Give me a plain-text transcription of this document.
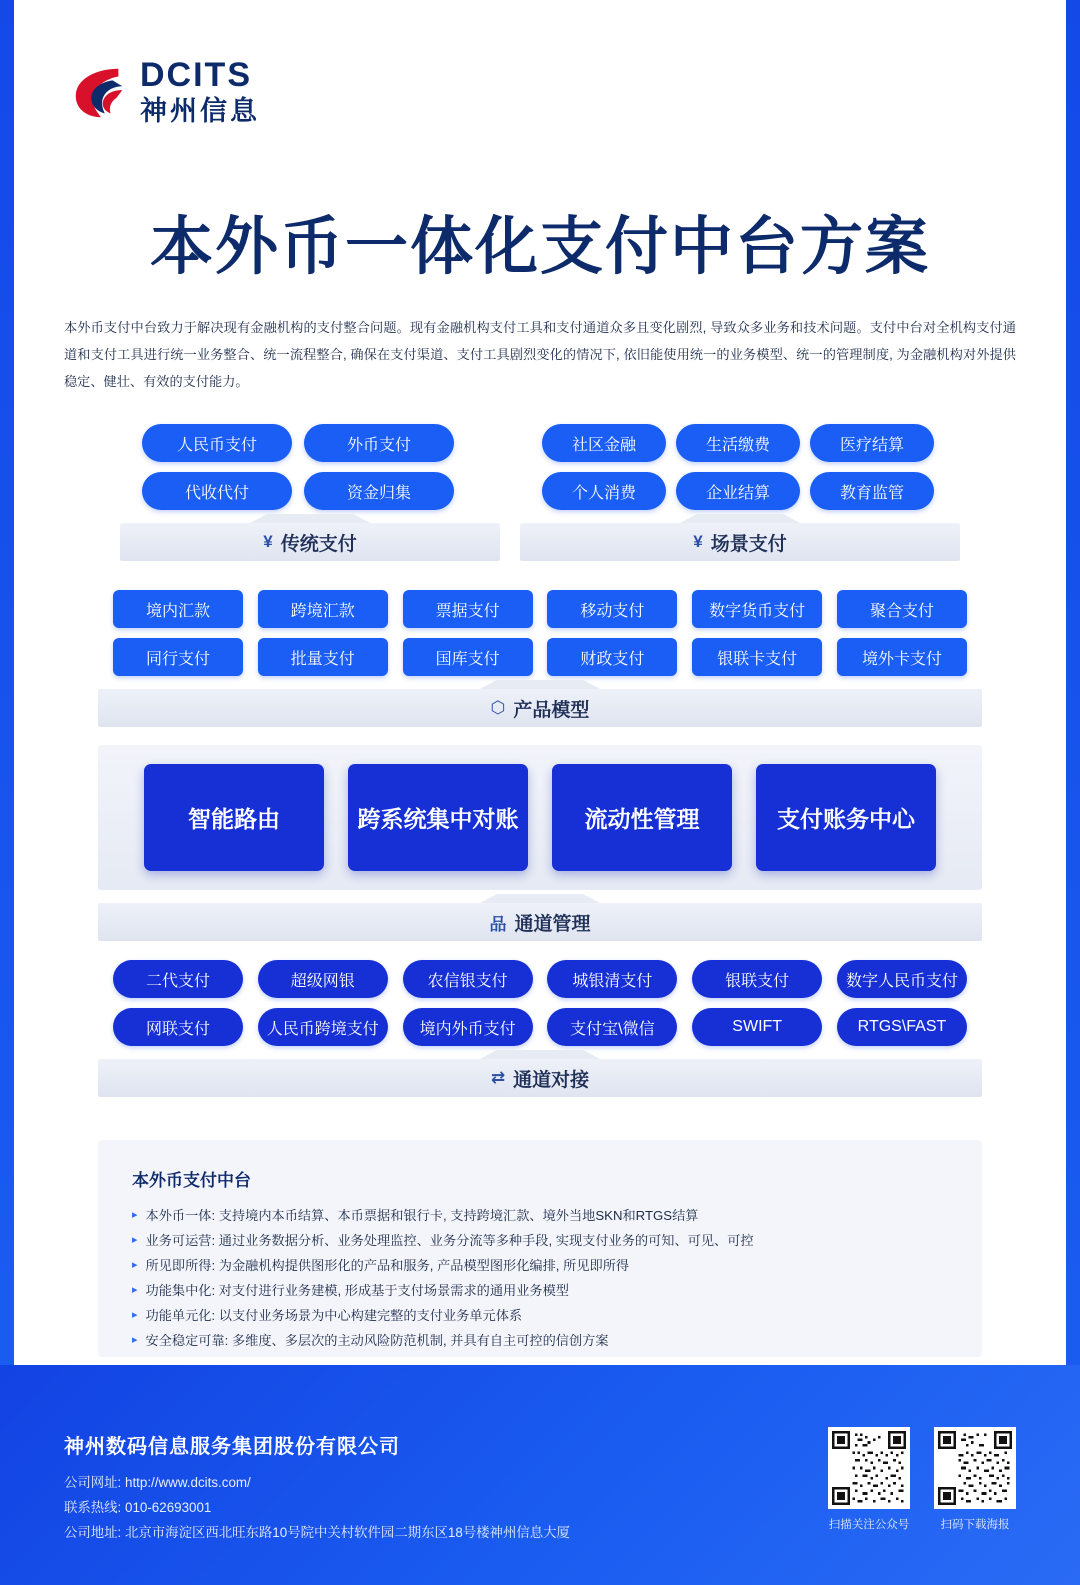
DCITS
神州信息
本外币一体化支付中台方案
本外币支付中台致力于解决现有金融机构的支付整合问题。现有金融机构支付工具和支付通道众多且变化剧烈, 导致众多业务和技术问题。支付中台对全机构支付通道和支付工具进行统一业务整合、统一流程整合, 确保在支付渠道、支付工具剧烈变化的情况下, 依旧能使用统一的业务模型、统一的管理制度, 为金融机构对外提供稳定、健壮、有效的支付能力。
人民币支付	外币支付
代收代付	资金归集
¥ 传统支付
社区金融	生活缴费	医疗结算
个人消费	企业结算	教育监管
¥ 场景支付
境内汇款	跨境汇款	票据支付	移动支付	数字货币支付	聚合支付
同行支付	批量支付	国库支付	财政支付	银联卡支付	境外卡支付
⬡ 产品模型
智能路由	跨系统集中对账	流动性管理	支付账务中心
品 通道管理
二代支付	超级网银	农信银支付	城银清支付	银联支付	数字人民币支付
网联支付	人民币跨境支付	境内外币支付	支付宝\微信	SWIFT	RTGS\FAST
⇄ 通道对接
本外币支付中台
▸ 本外币一体: 支持境内本币结算、本币票据和银行卡, 支持跨境汇款、境外当地SKN和RTGS结算
▸ 业务可运营: 通过业务数据分析、业务处理监控、业务分流等多种手段, 实现支付业务的可知、可见、可控
▸ 所见即所得: 为金融机构提供图形化的产品和服务, 产品模型图形化编排, 所见即所得
▸ 功能集中化: 对支付进行业务建模, 形成基于支付场景需求的通用业务模型
▸ 功能单元化: 以支付业务场景为中心构建完整的支付业务单元体系
▸ 安全稳定可靠: 多维度、多层次的主动风险防范机制, 并具有自主可控的信创方案
神州数码信息服务集团股份有限公司
公司网址: http://www.dcits.com/
联系热线: 010-62693001
公司地址: 北京市海淀区西北旺东路10号院中关村软件园二期东区18号楼神州信息大厦	扫描关注公众号	扫码下载海报
